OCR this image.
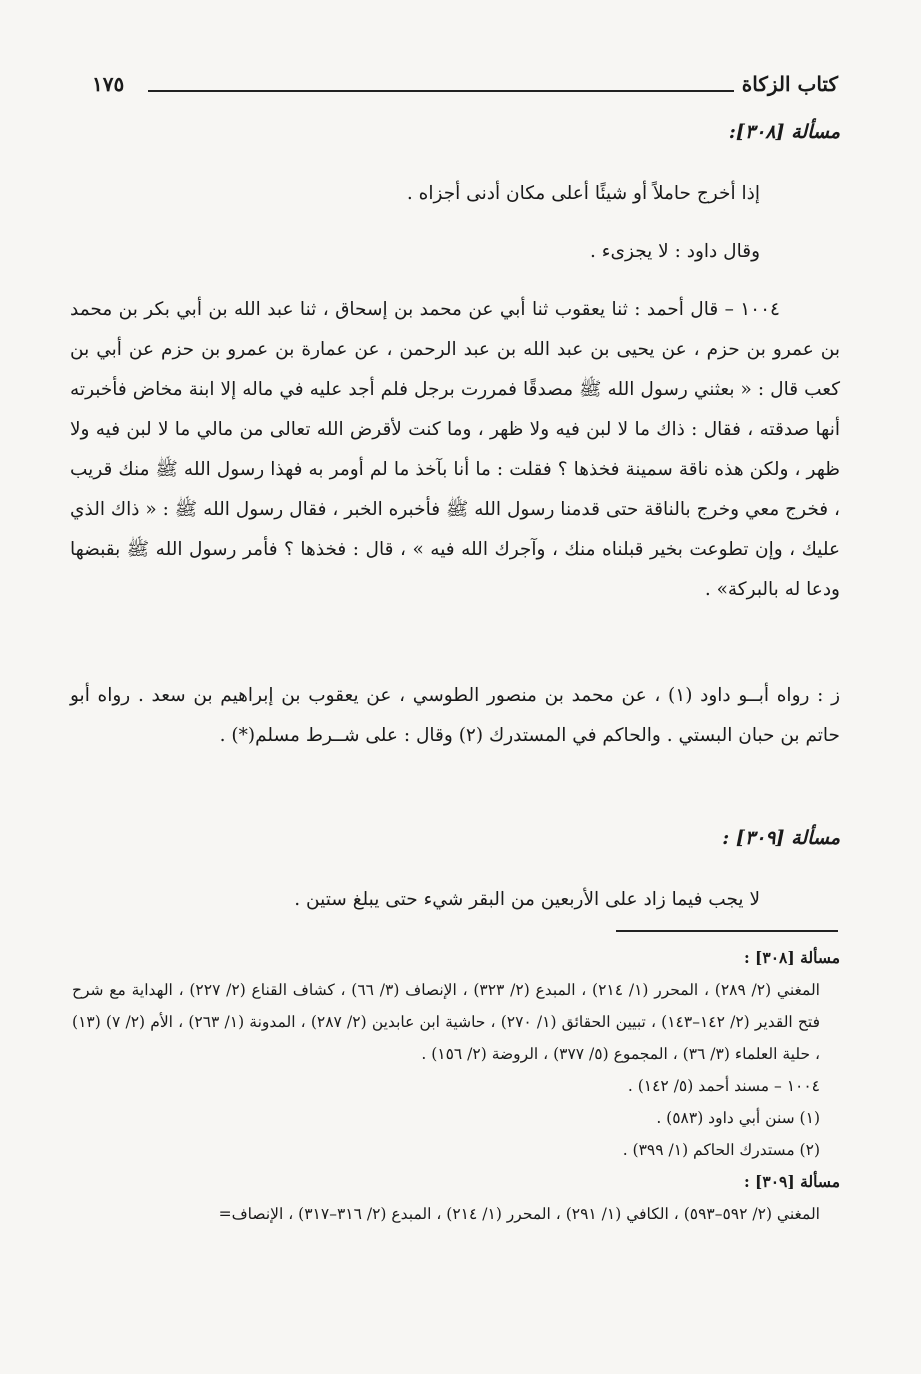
كتاب الزكاة
١٧٥
مسألة [٣٠٨]:
إذا أخرج حاملاً أو شيئًا أعلى مكان أدنى أجزاه .
وقال داود : لا يجزىء .
١٠٠٤ – قال أحمد : ثنا يعقوب ثنا أبي عن محمد بن إسحاق ، ثنا عبد الله بن أبي بكر بن محمد بن عمرو بن حزم ، عن يحيى بن عبد الله بن عبد الرحمن ، عن عمارة بن عمرو بن حزم عن أبي بن كعب قال : « بعثني رسول الله ﷺ مصدقًا فمررت برجل فلم أجد عليه في ماله إلا ابنة مخاض فأخبرته أنها صدقته ، فقال : ذاك ما لا لبن فيه ولا ظهر ، وما كنت لأقرض الله تعالى من مالي ما لا لبن فيه ولا ظهر ، ولكن هذه ناقة سمينة فخذها ؟ فقلت : ما أنا بآخذ ما لم أومر به فهذا رسول الله ﷺ منك قريب ، فخرج معي وخرج بالناقة حتى قدمنا رسول الله ﷺ فأخبره الخبر ، فقال رسول الله ﷺ : « ذاك الذي عليك ، وإن تطوعت بخير قبلناه منك ، وآجرك الله فيه » ، قال : فخذها ؟ فأمر رسول الله ﷺ بقبضها ودعا له بالبركة» .
ز : رواه أبــو داود (١) ، عن محمد بن منصور الطوسي ، عن يعقوب بن إبراهيم بن سعد . رواه أبو حاتم بن حبان البستي . والحاكم في المستدرك (٢) وقال : على شــرط مسلم(*) .
مسألة [٣٠٩] :
لا يجب فيما زاد على الأربعين من البقر شيء حتى يبلغ ستين .
مسألة [٣٠٨] :
المغني (٢/ ٢٨٩) ، المحرر (١/ ٢١٤) ، المبدع (٢/ ٣٢٣) ، الإنصاف (٣/ ٦٦) ، كشاف القناع (٢/ ٢٢٧) ، الهداية مع شرح فتح القدير (٢/ ١٤٢–١٤٣) ، تبيين الحقائق (١/ ٢٧٠) ، حاشية ابن عابدين (٢/ ٢٨٧) ، المدونة (١/ ٢٦٣) ، الأم (٢/ ٧) (١٣) ، حلية العلماء (٣/ ٣٦) ، المجموع (٥/ ٣٧٧) ، الروضة (٢/ ١٥٦) .
١٠٠٤ – مسند أحمد (٥/ ١٤٢) .
(١) سنن أبي داود (٥٨٣) .
(٢) مستدرك الحاكم (١/ ٣٩٩) .
مسألة [٣٠٩] :
المغني (٢/ ٥٩٢–٥٩٣) ، الكافي (١/ ٢٩١) ، المحرر (١/ ٢١٤) ، المبدع (٢/ ٣١٦–٣١٧) ، الإنصاف=
